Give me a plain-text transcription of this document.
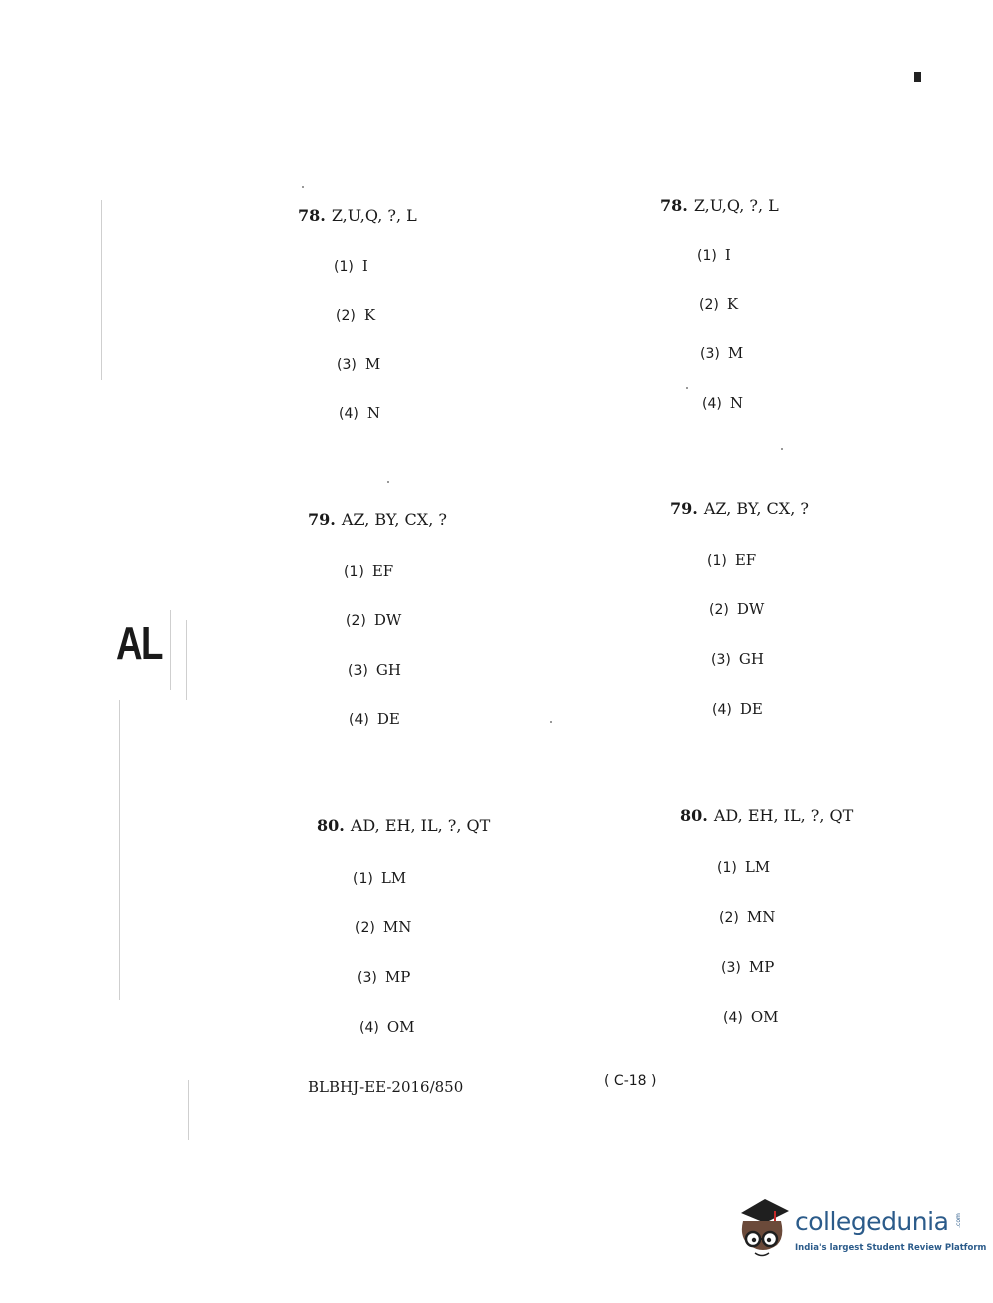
AL
78. Z,U,Q, ?, L
(1) I
(2) K
(3) M
(4) N
79. AZ, BY, CX, ?
(1) EF
(2) DW
(3) GH
(4) DE
80. AD, EH, IL, ?, QT
(1) LM
(2) MN
(3) MP
(4) OM
78. Z,U,Q, ?, L
(1) I
(2) K
(3) M
(4) N
79. AZ, BY, CX, ?
(1) EF
(2) DW
(3) GH
(4) DE
80. AD, EH, IL, ?, QT
(1) LM
(2) MN
(3) MP
(4) OM
BLBHJ-EE-2016/850	( C-18 )
collegedunia .com
India's largest Student Review Platform
